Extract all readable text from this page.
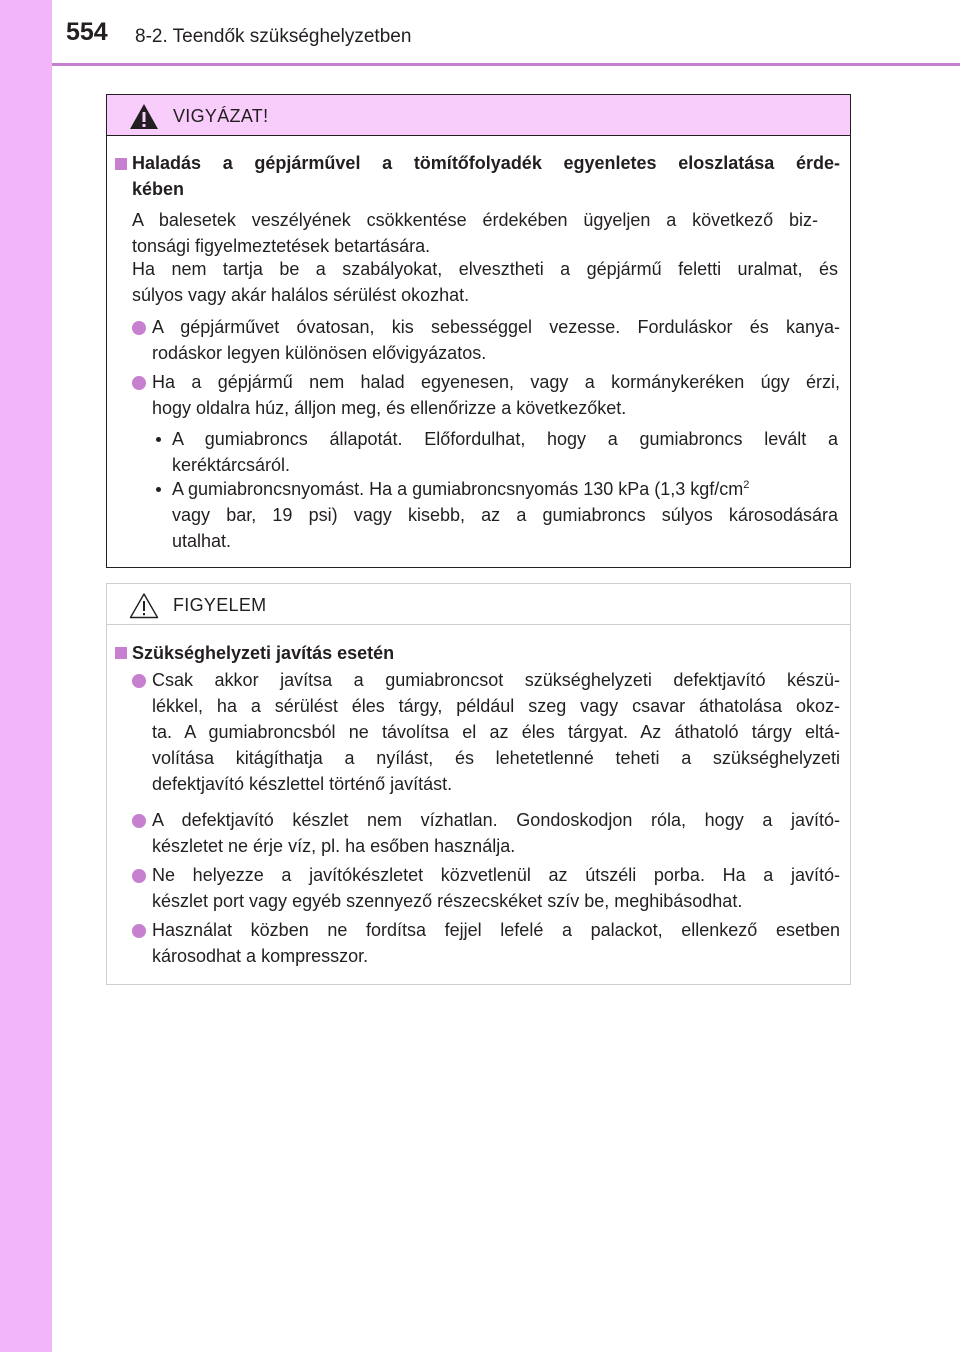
554 8-2. Teendők szükséghelyzetben
VIGYÁZAT!
Haladás a gépjárművel a tömítőfolyadék egyenletes eloszlatása érde-
kében
A balesetek veszélyének csökkentése érdekében ügyeljen a következő biz-
tonsági figyelmeztetések betartására.
Ha nem tartja be a szabályokat, elvesztheti a gépjármű feletti uralmat, és
súlyos vagy akár halálos sérülést okozhat.
A gépjárművet óvatosan, kis sebességgel vezesse. Forduláskor és kanya-
rodáskor legyen különösen elővigyázatos.
Ha a gépjármű nem halad egyenesen, vagy a kormánykeréken úgy érzi,
hogy oldalra húz, álljon meg, és ellenőrizze a következőket.
A gumiabroncs állapotát. Előfordulhat, hogy a gumiabroncs levált a
keréktárcsáról.
A gumiabroncsnyomást. Ha a gumiabroncsnyomás 130 kPa (1,3 kgf/$cm^2$
vagy bar, 19 psi) vagy kisebb, az a gumiabroncs súlyos károsodására
utalhat.
FIGYELEM
Szükséghelyzeti javítás esetén
Csak akkor javítsa a gumiabroncsot szükséghelyzeti defektjavító készü-
lékkel, ha a sérülést éles tárgy, például szeg vagy csavar áthatolása okoz-
ta. A gumiabroncsból ne távolítsa el az éles tárgyat. Az áthatoló tárgy eltá-
volítása kitágíthatja a nyílást, és lehetetlenné teheti a szükséghelyzeti
defektjavító készlettel történő javítást.
A defektjavító készlet nem vízhatlan. Gondoskodjon róla, hogy a javító-
készletet ne érje víz, pl. ha esőben használja.
Ne helyezze a javítókészletet közvetlenül az útszéli porba. Ha a javító-
készlet port vagy egyéb szennyező részecskéket szív be, meghibásodhat.
Használat közben ne fordítsa fejjel lefelé a palackot, ellenkező esetben
károsodhat a kompresszor.
